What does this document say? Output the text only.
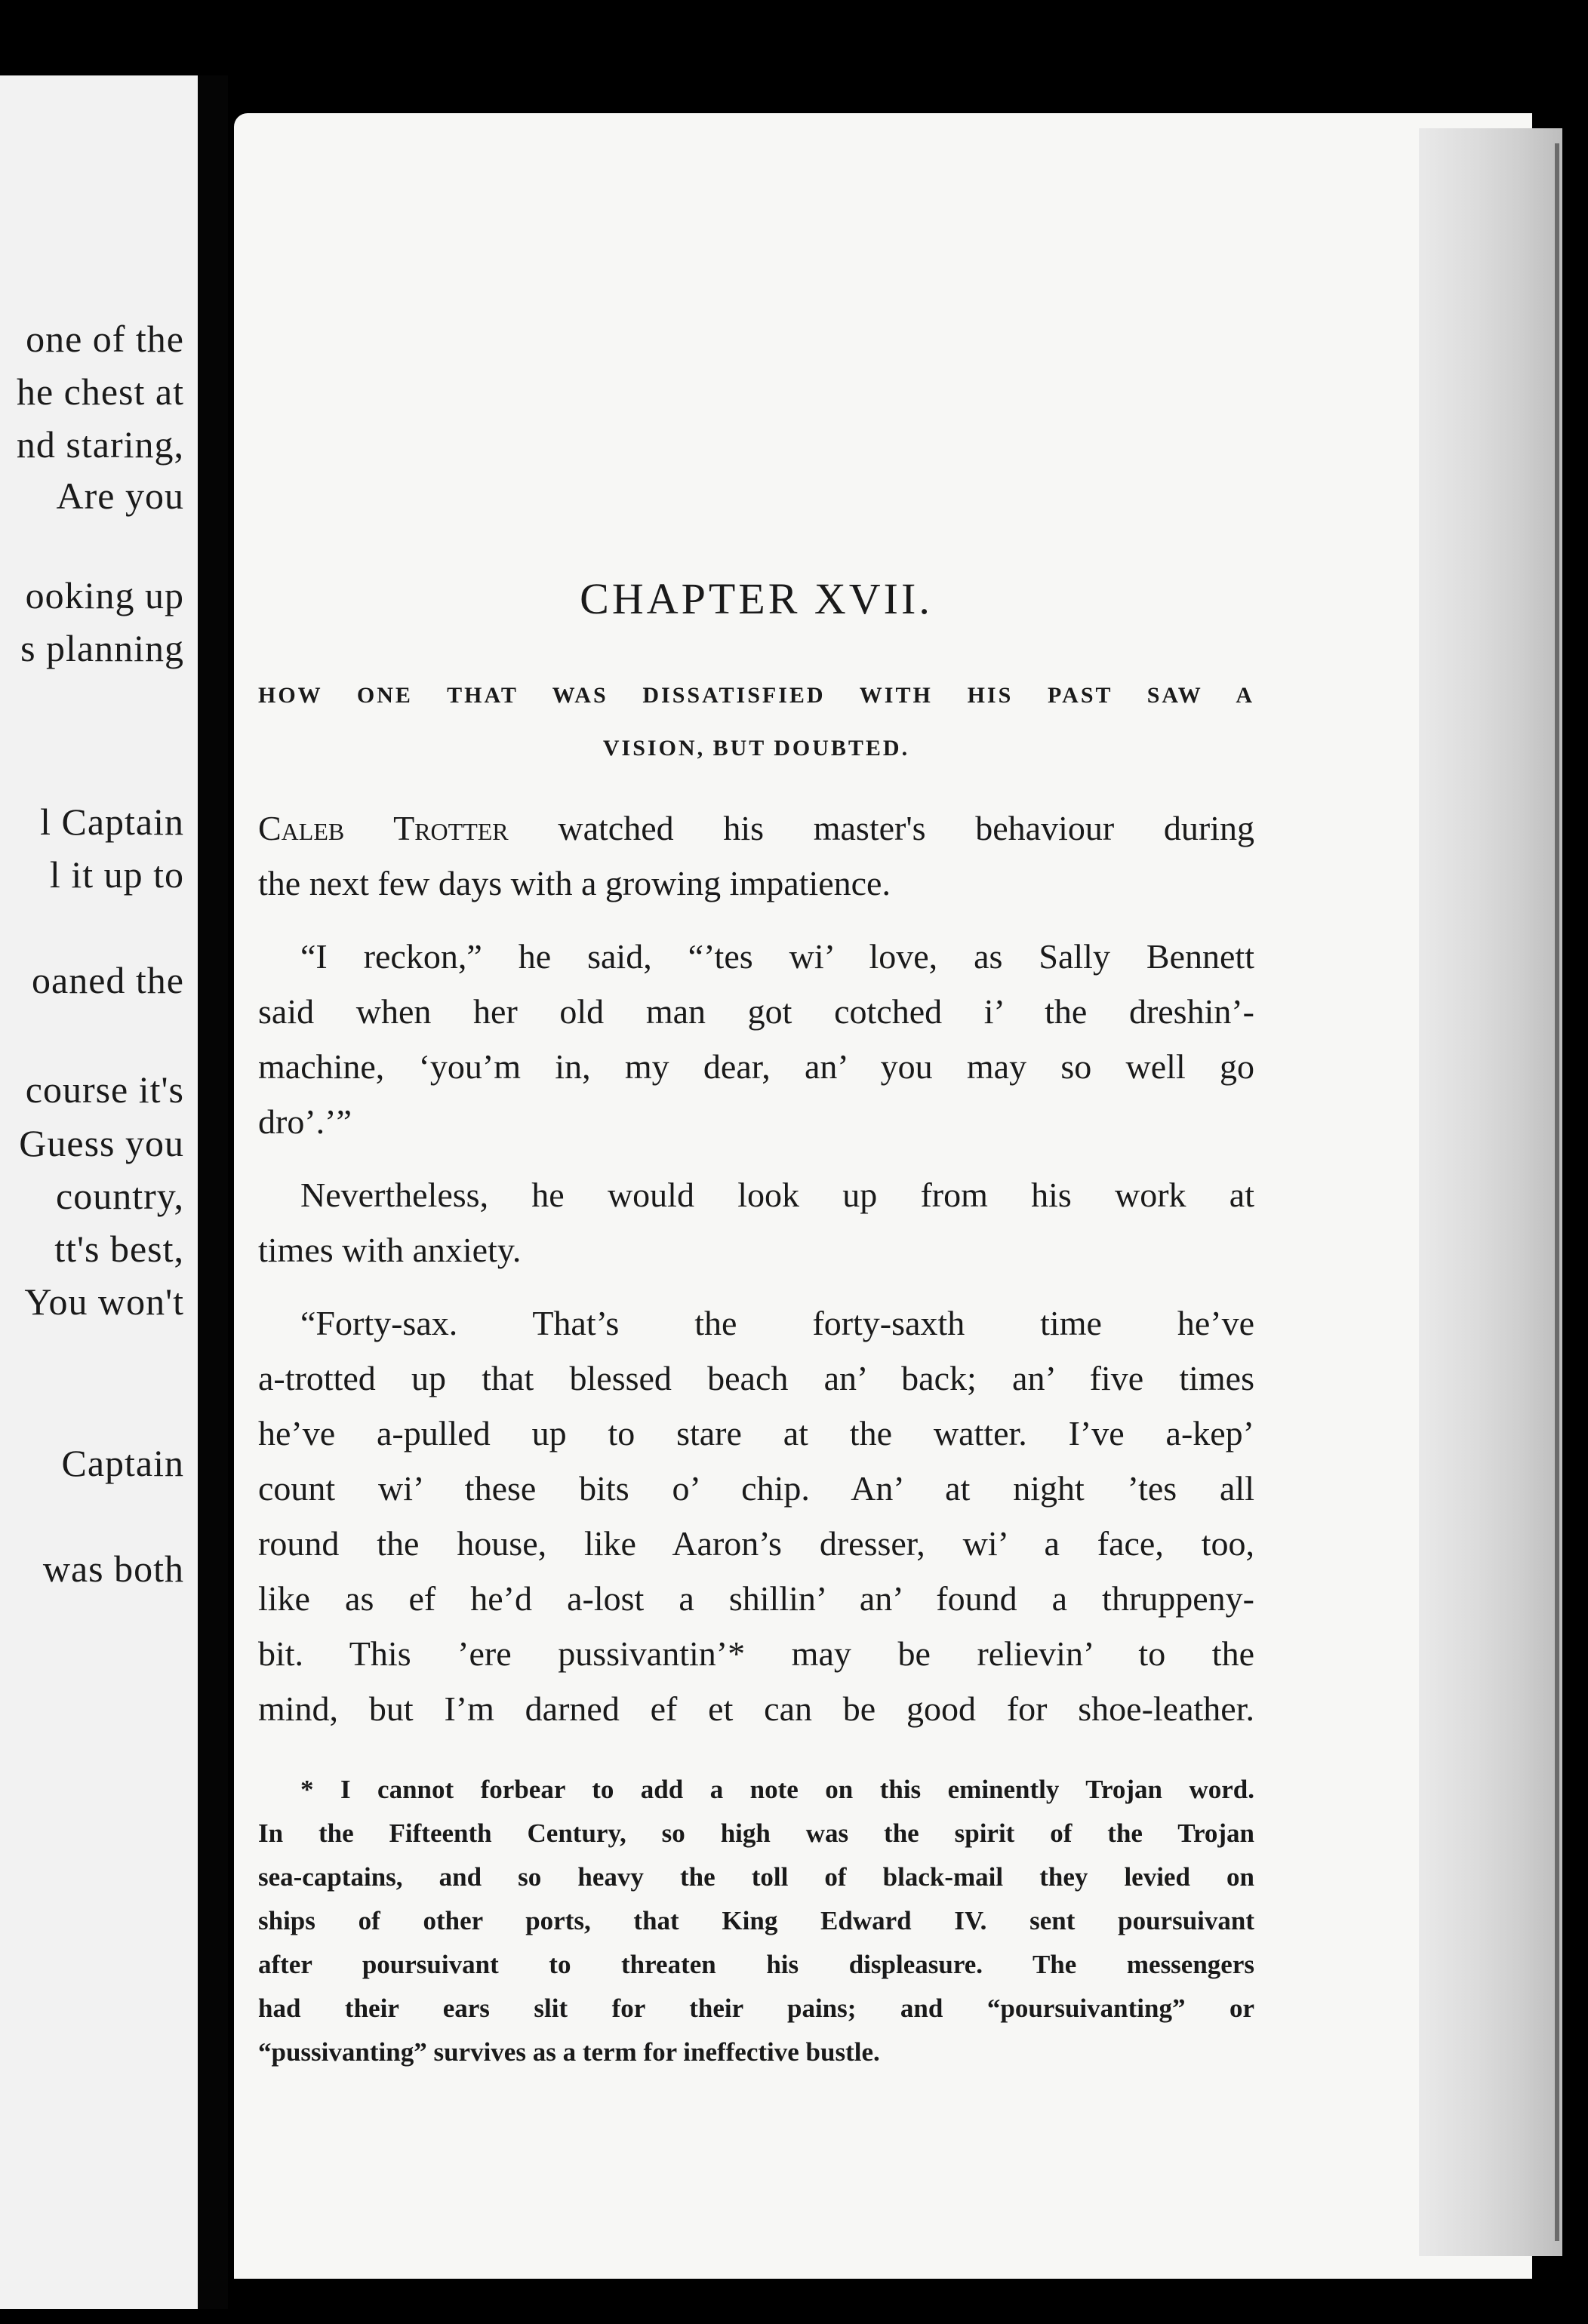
one of the
he chest at
nd staring,
Are you
ooking up
s planning
l Captain
l it up to
oaned the
course it's
Guess you
country,
tt's best,
You won't
Captain
was both
CHAPTER XVII.
HOW ONE THAT WAS DISSATISFIED WITH HIS PAST SAW A
VISION, BUT DOUBTED.
Caleb Trotter watched his master's behaviour during
the next few days with a growing impatience.
“I reckon,” he said, “’tes wi’ love, as Sally Bennett
said when her old man got cotched i’ the dreshin’-
machine, ‘you’m in, my dear, an’ you may so well go
dro’.’”
Nevertheless, he would look up from his work at
times with anxiety.
“Forty-sax. That’s the forty-saxth time he’ve
a-trotted up that blessed beach an’ back; an’ five times
he’ve a-pulled up to stare at the watter. I’ve a-kep’
count wi’ these bits o’ chip. An’ at night ’tes all
round the house, like Aaron’s dresser, wi’ a face, too,
like as ef he’d a-lost a shillin’ an’ found a thruppeny-
bit. This ’ere pussivantin’* may be relievin’ to the
mind, but I’m darned ef et can be good for shoe-leather.
* I cannot forbear to add a note on this eminently Trojan word.
In the Fifteenth Century, so high was the spirit of the Trojan
sea-captains, and so heavy the toll of black-mail they levied on
ships of other ports, that King Edward IV. sent poursuivant
after poursuivant to threaten his displeasure. The messengers
had their ears slit for their pains; and “poursuivanting” or
“pussivanting” survives as a term for ineffective bustle.
